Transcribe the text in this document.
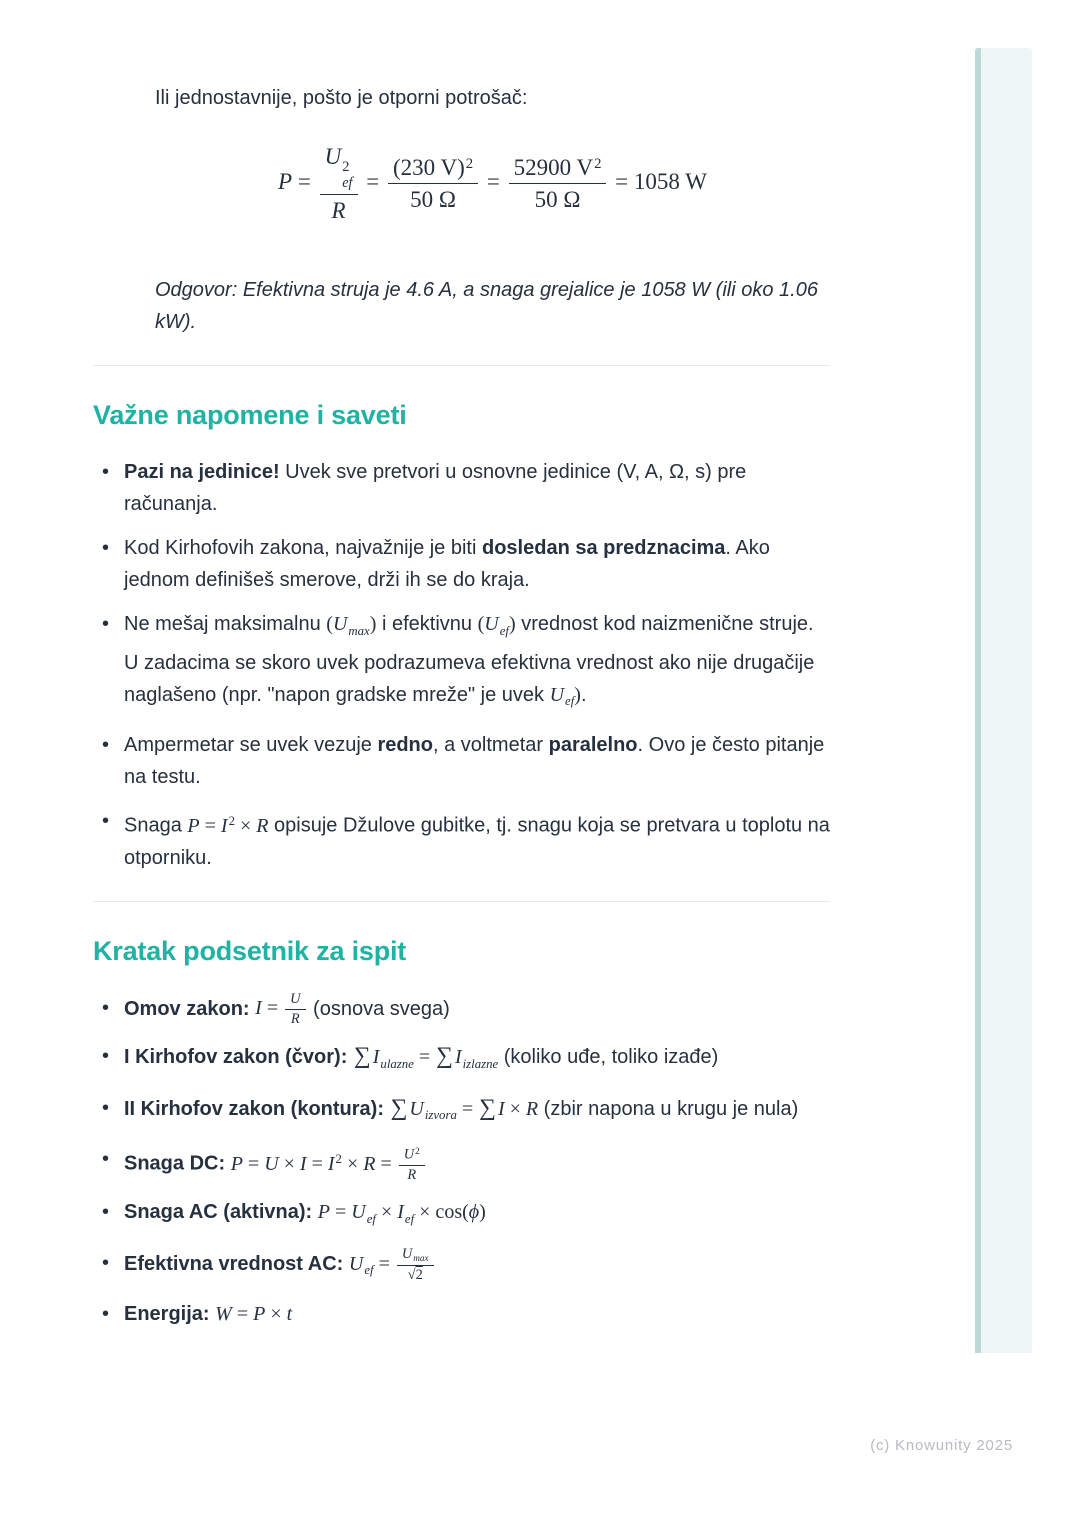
Ili jednostavnije, pošto je otporni potrošač:

P = U 2
ef
$R = \frac{(230 V)^2}{50 \Omega} = \frac{52900 V^2}{50 \Omega} = 1058$ W

Odgovor: Efektivna struja je 4.6 A, a snaga grejalice je 1058 W (ili oko 1.06 kW).

Važne napomene i saveti
• Pazi na jedinice! Uvek sve pretvori u osnovne jedinice (V, A, Ω, s) pre računanja.
• Kod Kirhofovih zakona, najvažnije je biti dosledan sa predznacima. Ako jednom definišeš smerove, drži ih se do kraja.
• Ne mešaj maksimalnu $(U_{max})$ i efektivnu $(U_{ef})$ vrednost kod naizmenične struje. U zadacima se skoro uvek podrazumeva efektivna vrednost ako nije drugačije naglašeno (npr. "napon gradske mreže" je uvek $U_{ef}$).
• Ampermetar se uvek vezuje redno, a voltmetar paralelno. Ovo je često pitanje na testu.
• Snaga $P = I^2 \times R$ opisuje Džulove gubitke, tj. snagu koja se pretvara u toplotu na otporniku.
Kratak podsetnik za ispit
• Omov zakon: $I = \frac{U}{R}$ (osnova svega)
• I Kirhofov zakon (čvor): ∑ $I_{ulazne}$ = ∑ $I_{izlazne}$ (koliko uđe, toliko izađe)
• II Kirhofov zakon (kontura): ∑ $U_{izvora}$ = ∑ I × R (zbir napona u krugu je nula)
• Snaga DC: $P = U \times I = I^2 \times R = \frac{U^2}{R}$
• Snaga AC (aktivna): $P = U_{ef} \times I_{ef} \times \cos(\phi)$
• Efektivna vrednost AC: $U_{ef} = U_{max}$
√2
• Energija: W = P × t
(c) Knowunity 2025
